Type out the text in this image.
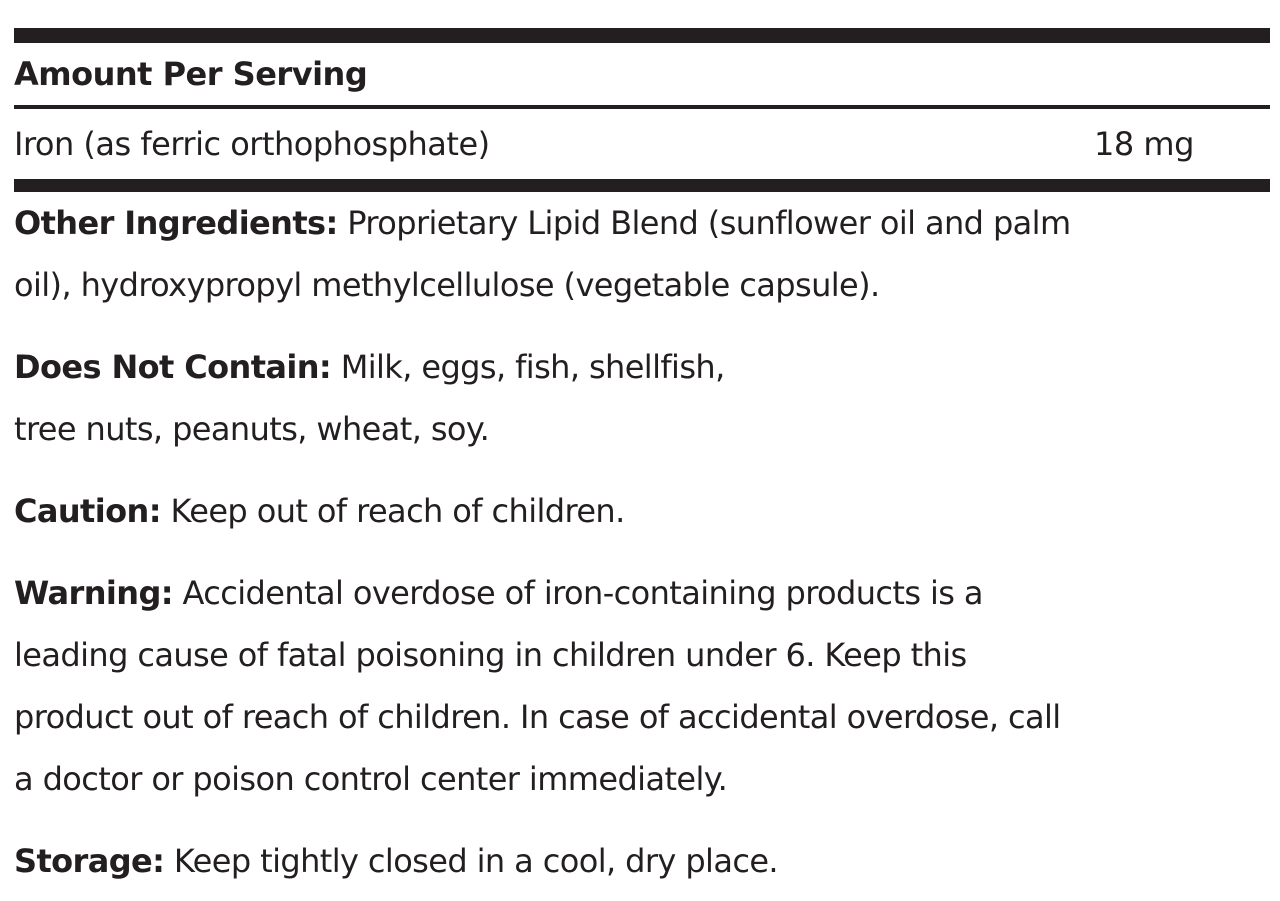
Amount Per Serving
Iron (as ferric orthophosphate)	18 mg
Other Ingredients: Proprietary Lipid Blend (sunflower oil and palm oil), hydroxypropyl methylcellulose (vegetable capsule).
Does Not Contain: Milk, eggs, fish, shellfish, tree nuts, peanuts, wheat, soy.
Caution: Keep out of reach of children.
Warning: Accidental overdose of iron-containing products is a leading cause of fatal poisoning in children under 6. Keep this product out of reach of children. In case of accidental overdose, call a doctor or poison control center immediately.
Storage: Keep tightly closed in a cool, dry place.
